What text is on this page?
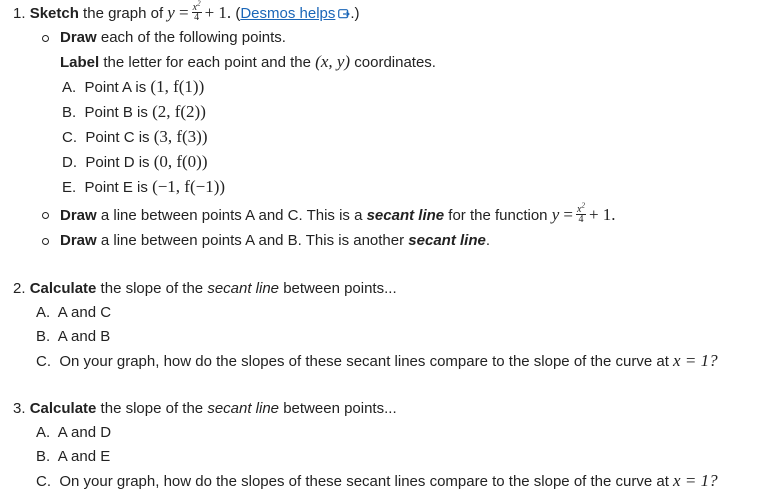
1. Sketch the graph of $y = \frac{x^2}{4} + 1$. (Desmos helps .)
Draw each of the following points.
Label the letter for each point and the (x, y) coordinates.
A. Point A is (1, f(1))
B. Point B is (2, f(2))
C. Point C is (3, f(3))
D. Point D is (0, f(0))
E. Point E is (−1, f(−1))
Draw a line between points A and C. This is a secant line for the function $y = \frac{x^2}{4} + 1$.
Draw a line between points A and B. This is another secant line.
2. Calculate the slope of the secant line between points...
A. A and C
B. A and B
C. On your graph, how do the slopes of these secant lines compare to the slope of the curve at x = 1?
3. Calculate the slope of the secant line between points...
A. A and D
B. A and E
C. On your graph, how do the slopes of these secant lines compare to the slope of the curve at x = 1?
